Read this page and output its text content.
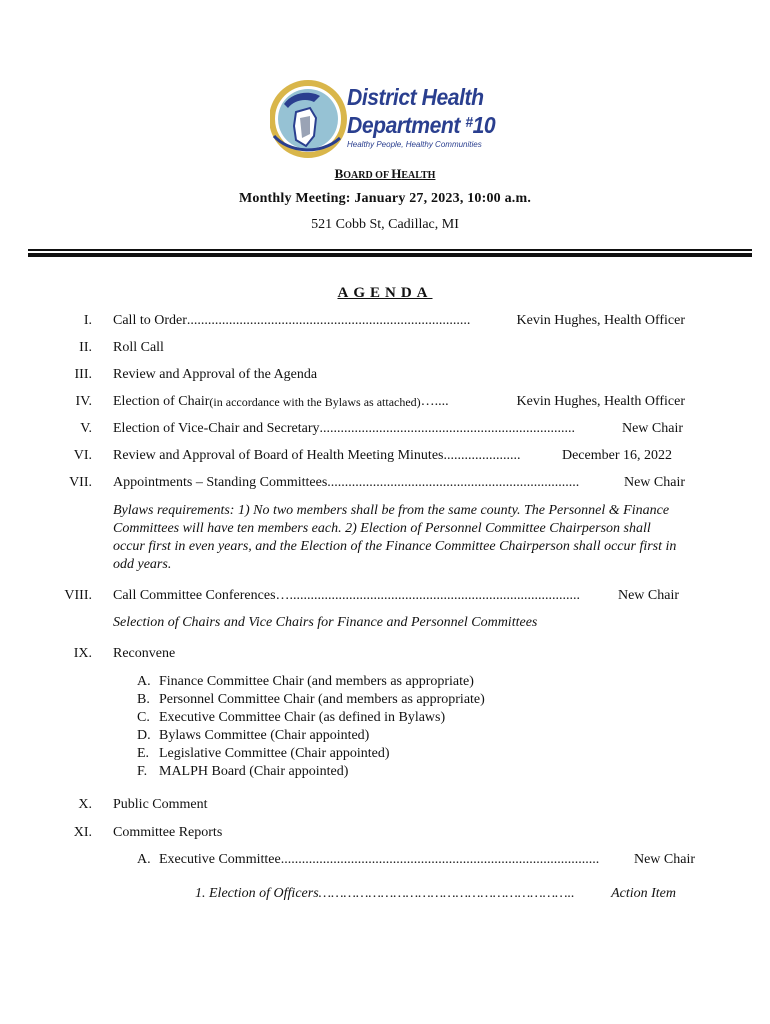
District Health
Department #10
Healthy People, Healthy Communities
BOARD OF HEALTH
Monthly Meeting: January 27, 2023, 10:00 a.m.
521 Cobb St, Cadillac, MI
AGENDA
I. Call to Order .................................................................................	Kevin Hughes, Health Officer
II. Roll Call
III. Review and Approval of the Agenda
IV. Election of Chair (in accordance with the Bylaws as attached) …....	Kevin Hughes, Health Officer
V. Election of Vice-Chair and Secretary .........................................................................	New Chair
VI. Review and Approval of Board of Health Meeting Minutes ......................	December 16, 2022
VII. Appointments – Standing Committees ........................................................................	New Chair
Bylaws requirements: 1) No two members shall be from the same county. The Personnel & Finance Committees will have ten members each. 2) Election of Personnel Committee Chairperson shall occur first in even years, and the Election of the Finance Committee Chairperson shall occur first in odd years.
VIII. Call Committee Conferences …...................................................................................	New Chair
Selection of Chairs and Vice Chairs for Finance and Personnel Committees
IX. Reconvene
A. Finance Committee Chair (and members as appropriate)
B. Personnel Committee Chair (and members as appropriate)
C. Executive Committee Chair (as defined in Bylaws)
D. Bylaws Committee (Chair appointed)
E. Legislative Committee (Chair appointed)
F. MALPH Board (Chair appointed)
X. Public Comment
XI. Committee Reports
A. Executive Committee ...........................................................................................	New Chair
1. Election of Officers ……………………………………………………..	Action Item
